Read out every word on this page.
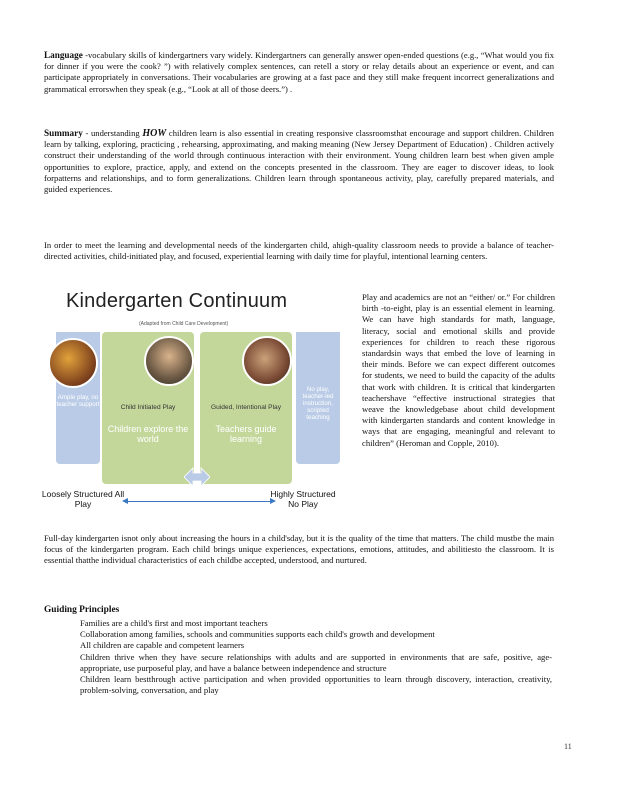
Language -vocabulary skills of kindergartners vary widely. Kindergartners can generally answer open-ended questions (e.g., “What would you fix for dinner if you were the cook? ”) with relatively complex sentences, can retell a story or relay details about an experience or event, and can participate appropriately in conversations. Their vocabularies are growing at a fast pace and they still make frequent incorrect generalizations and grammatical errorswhen they speak (e.g., “Look at all of those deers.”) .

Summary - understanding HOW children learn is also essential in creating responsive classroomsthat encourage and support children. Children learn by talking, exploring, practicing , rehearsing, approximating, and making meaning (New Jersey Department of Education) . Children actively construct their understanding of the world through continuous interaction with their environment. Young children learn best when given ample opportunities to explore, practice, apply, and extend on the concepts presented in the classroom. They are eager to discover ideas, to look forpatterns and relationships, and to form generalizations. Children learn through spontaneous activity, play, carefully prepared materials, and guided experiences.

In order to meet the learning and developmental needs of the kindergarten child, ahigh-quality classroom needs to provide a balance of teacher-directed activities, child-initiated play, and focused, experiential learning with daily time for playful, intentional learning centers.

Kindergarten Continuum
(Adapted from Child Care Development)
Ample play, no teacher support	Child Initiated Play
Children explore the world
Guided, Intentional Play
Teachers guide learning
No play, teacher-led instruction, scripted teaching
Loosely Structured All Play
Highly Structured No Play

Play and academics are not an “either/ or.” For children birth -to-eight, play is an essential element in learning. We can have high standards for math, language, literacy, social and emotional skills and provide experiences for children to reach these rigorous standardsin ways that embed the love of learning in their minds. Before we can expect different outcomes for students, we need to build the capacity of the adults that work with children. It is critical that kindergarten teachershave “effective instructional strategies that weave the knowledgebase about child development with kindergarten standards and content knowledge in ways that are engaging, meaningful and relevant to children” (Heroman and Copple, 2010).

Full-day kindergarten isnot only about increasing the hours in a child'sday, but it is the quality of the time that matters. The child mustbe the main focus of the kindergarten program. Each child brings unique experiences, expectations, emotions, attitudes, and abilitiesto the classroom. It is essential thatthe individual characteristics of each childbe accepted, understood, and nurtured.

Guiding Principles
Families are a child's first and most important teachers
Collaboration among families, schools and communities supports each child's growth and development
All children are capable and competent learners
Children thrive when they have secure relationships with adults and are supported in environments that are safe, positive, age-appropriate, use purposeful play, and have a balance between independence and structure
Children learn bestthrough active participation and when provided opportunities to learn through discovery, interaction, creativity, problem-solving, conversation, and play
11
